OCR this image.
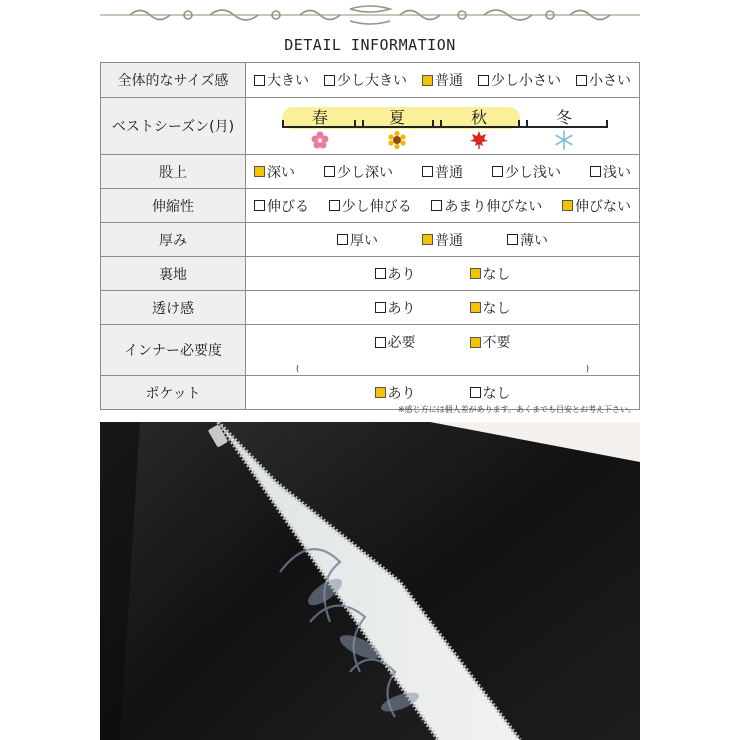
DETAIL INFORMATION
全体的なサイズ感	大きい 少し大きい 普通 少し小さい 小さい

ベストシーズン(月)	春 夏 秋 冬

股上	深い 少し深い 普通 少し浅い 浅い

伸縮性	伸びる 少し伸びる あまり伸びない 伸びない

厚み	厚い 普通 薄い

裏地	あり なし

透け感	あり なし

インナー必要度	必要 不要
( )

ポケット	あり なし
※感じ方には個人差があります。あくまでも目安とお考え下さい。
